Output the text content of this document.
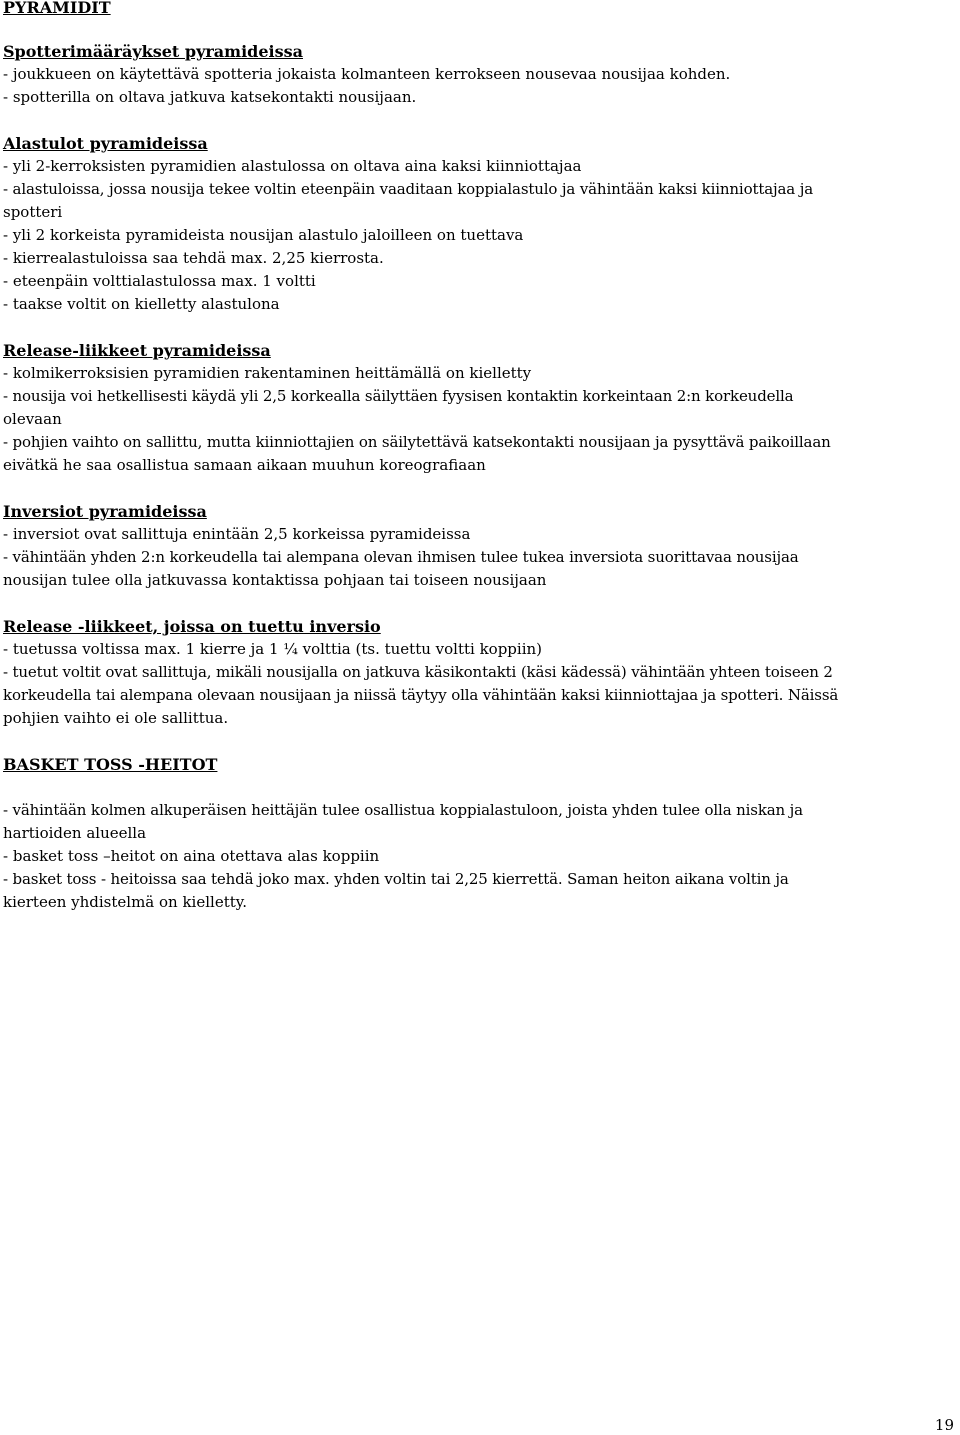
PYRAMIDIT
Spotterimääräykset pyramideissa
- joukkueen on käytettävä spotteria jokaista kolmanteen kerrokseen nousevaa nousijaa kohden.
- spotterilla on oltava jatkuva katsekontakti nousijaan.
Alastulot pyramideissa
- yli 2-kerroksisten pyramidien alastulossa on oltava aina kaksi kiinniottajaa
- alastuloissa, jossa nousija tekee voltin eteenpäin vaaditaan koppialastulo ja vähintään kaksi kiinniottajaa ja
spotteri
- yli 2 korkeista pyramideista nousijan alastulo jaloilleen on tuettava
- kierrealastuloissa saa tehdä max. 2,25 kierrosta.
- eteenpäin volttialastulossa max. 1 voltti
- taakse voltit on kielletty alastulona
Release-liikkeet pyramideissa
- kolmikerroksisien pyramidien rakentaminen heittämällä on kielletty
- nousija voi hetkellisesti käydä yli 2,5 korkealla säilyttäen fyysisen kontaktin korkeintaan 2:n korkeudella
olevaan
- pohjien vaihto on sallittu, mutta kiinniottajien on säilytettävä katsekontakti nousijaan ja pysyttävä paikoillaan
eivätkä he saa osallistua samaan aikaan muuhun koreografiaan
Inversiot pyramideissa
- inversiot ovat sallittuja enintään 2,5 korkeissa pyramideissa
- vähintään yhden 2:n korkeudella tai alempana olevan ihmisen tulee tukea inversiota suorittavaa nousijaa
nousijan tulee olla jatkuvassa kontaktissa pohjaan tai toiseen nousijaan
Release -liikkeet, joissa on tuettu inversio
- tuetussa voltissa max. 1 kierre ja 1 ¼ volttia (ts. tuettu voltti koppiin)
- tuetut voltit ovat sallittuja, mikäli nousijalla on jatkuva käsikontakti (käsi kädessä) vähintään yhteen toiseen 2
korkeudella tai alempana olevaan nousijaan ja niissä täytyy olla vähintään kaksi kiinniottajaa ja spotteri. Näissä
pohjien vaihto ei ole sallittua.
BASKET TOSS -HEITOT
- vähintään kolmen alkuperäisen heittäjän tulee osallistua koppialastuloon, joista yhden tulee olla niskan ja
hartioiden alueella
- basket toss –heitot on aina otettava alas koppiin
- basket toss - heitoissa saa tehdä joko max. yhden voltin tai 2,25 kierrettä. Saman heiton aikana voltin ja
kierteen yhdistelmä on kielletty.
19
